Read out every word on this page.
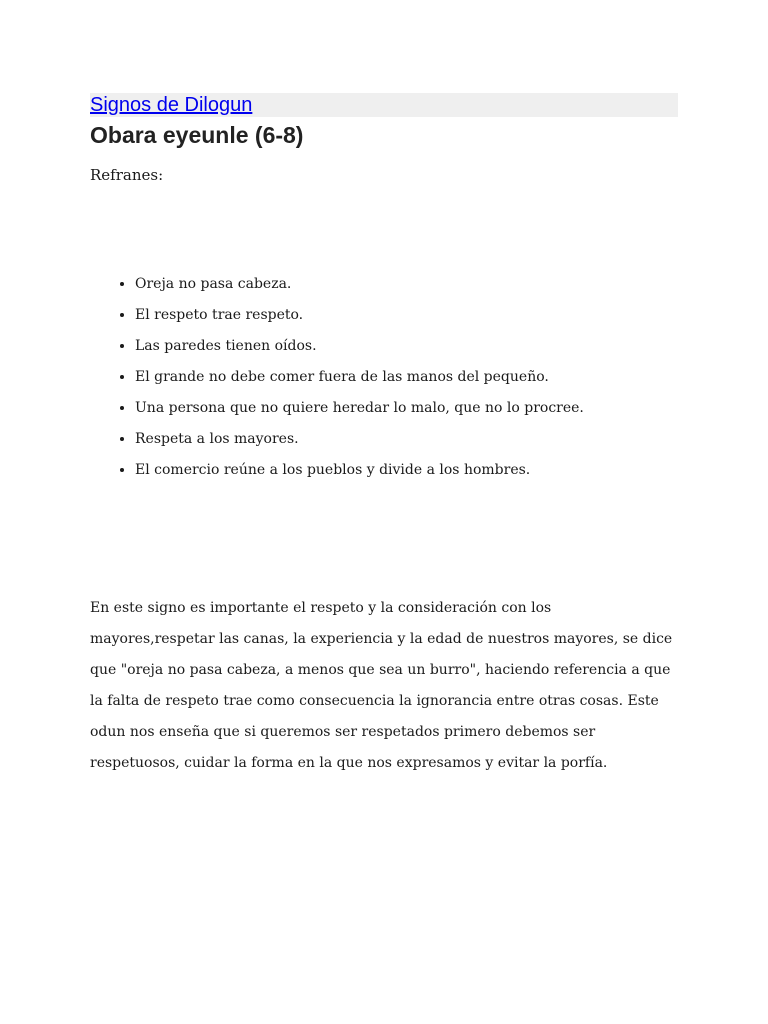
Signos de Dilogun
Obara eyeunle (6-8)

Refranes:

• Oreja no pasa cabeza.
• El respeto trae respeto.
• Las paredes tienen oídos.
• El grande no debe comer fuera de las manos del pequeño.
• Una persona que no quiere heredar lo malo, que no lo procree.
• Respeta a los mayores.
• El comercio reúne a los pueblos y divide a los hombres.

En este signo es importante el respeto y la consideración con los mayores,respetar las canas, la experiencia y la edad de nuestros mayores, se dice que "oreja no pasa cabeza, a menos que sea un burro", haciendo referencia a que la falta de respeto trae como consecuencia la ignorancia entre otras cosas. Este odun nos enseña que si queremos ser respetados primero debemos ser respetuosos, cuidar la forma en la que nos expresamos y evitar la porfía.
